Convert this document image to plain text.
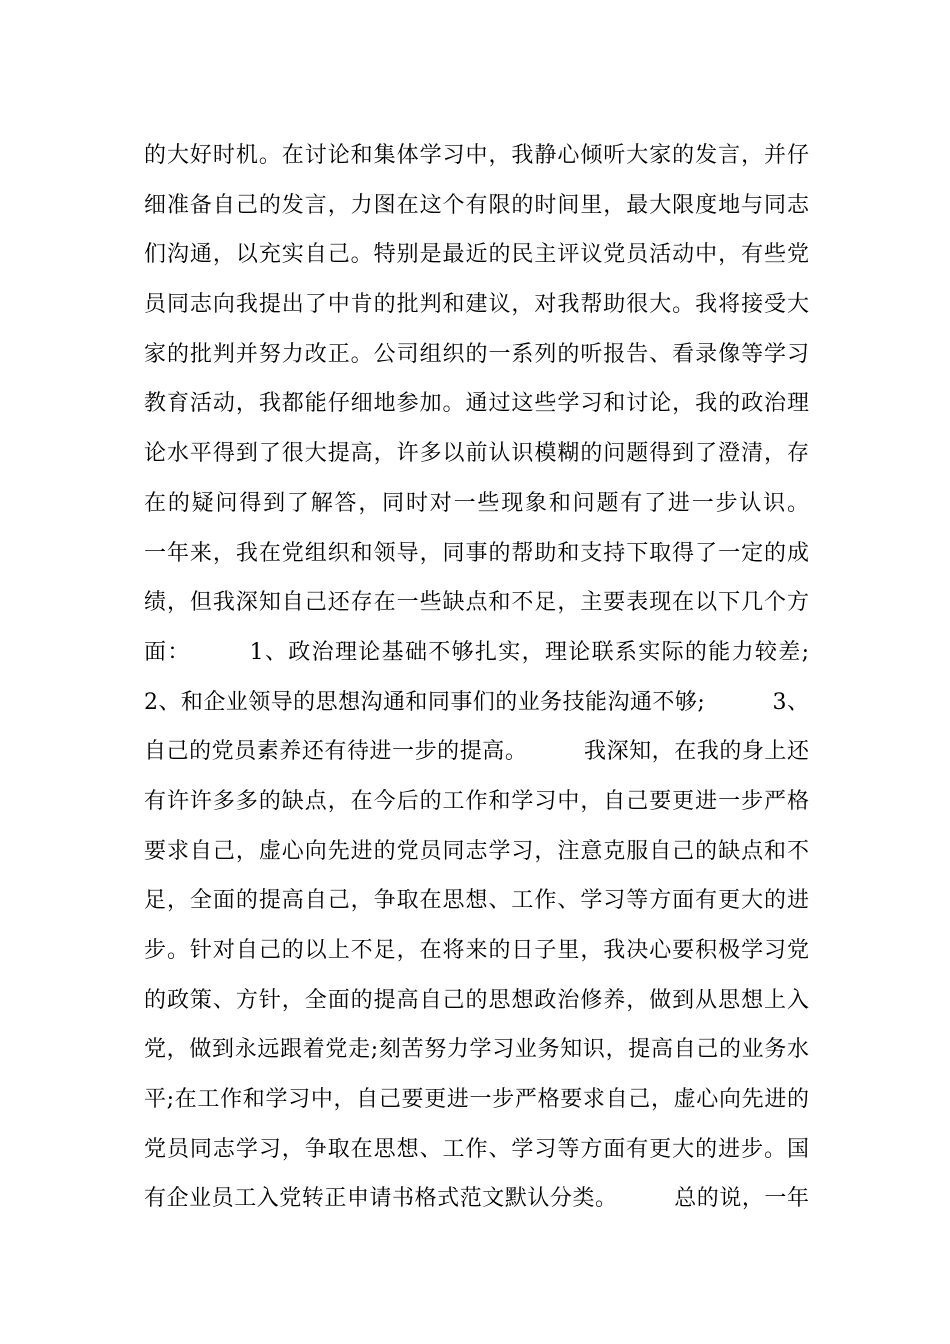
的大好时机。在讨论和集体学习中，我静心倾听大家的发言，并仔
细准备自己的发言，力图在这个有限的时间里，最大限度地与同志
们沟通，以充实自己。特别是最近的民主评议党员活动中，有些党
员同志向我提出了中肯的批判和建议，对我帮助很大。我将接受大
家的批判并努力改正。公司组织的一系列的听报告、看录像等学习
教育活动，我都能仔细地参加。通过这些学习和讨论，我的政治理
论水平得到了很大提高，许多以前认识模糊的问题得到了澄清，存
在的疑问得到了解答，同时对一些现象和问题有了进一步认识。
一年来，我在党组织和领导，同事的帮助和支持下取得了一定的成
绩，但我深知自己还存在一些缺点和不足，主要表现在以下几个方
面：　　　1、政治理论基础不够扎实，理论联系实际的能力较差;
2、和企业领导的思想沟通和同事们的业务技能沟通不够;　　　3、
自己的党员素养还有待进一步的提高。　　　我深知，在我的身上还
有许许多多的缺点，在今后的工作和学习中，自己要更进一步严格
要求自己，虚心向先进的党员同志学习，注意克服自己的缺点和不
足，全面的提高自己，争取在思想、工作、学习等方面有更大的进
步。针对自己的以上不足，在将来的日子里，我决心要积极学习党
的政策、方针，全面的提高自己的思想政治修养，做到从思想上入
党，做到永远跟着党走;刻苦努力学习业务知识，提高自己的业务水
平;在工作和学习中，自己要更进一步严格要求自己，虚心向先进的
党员同志学习，争取在思想、工作、学习等方面有更大的进步。国
有企业员工入党转正申请书格式范文默认分类。　　　总的说，一年
